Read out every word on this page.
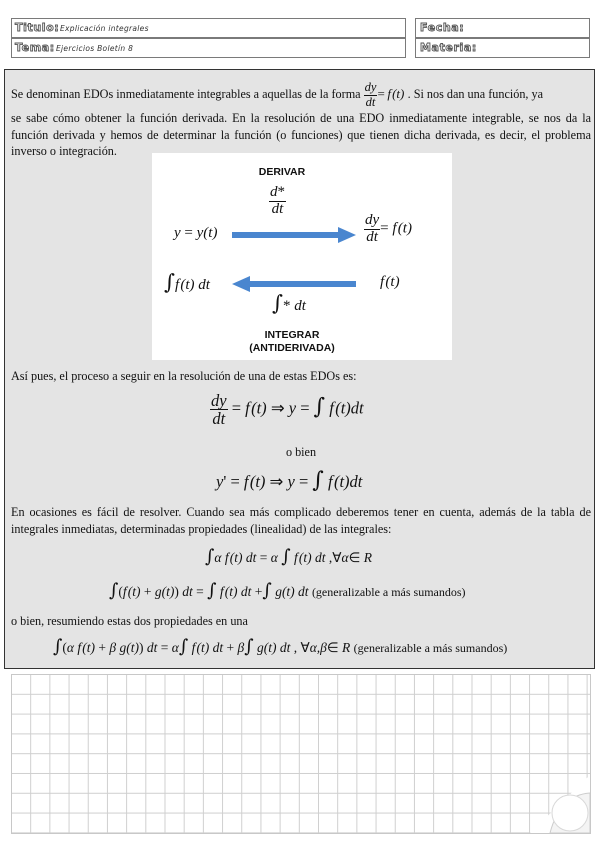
Titulo: Explicación integrales
Tema: Ejercicios Boletín 8
Fecha:
Materia:
Se denominan EDOs inmediatamente integrables a aquellas de la forma $\frac{dy}{dt} = f$ (t) . Si nos dan una función, ya
se sabe cómo obtener la función derivada. En la resolución de una EDO inmediatamente integrable, se nos da la función derivada y hemos de determinar la función (o funciones) que tienen dicha derivada, es decir, el problema inverso o integración.
DERIVAR
$\frac{d*}{dt}$
y = y(t)	$\frac{dy}{dt} = f$ (t)
∫f (t) dt	f (t)
∫* dt
INTEGRAR
(ANTIDERIVADA)
Así pues, el proceso a seguir en la resolución de una de estas EDOs es:
$\frac{dy}{dt} = f$ (t) ⇒ y = ∫ f (t)dt
o bien
y' = f (t) ⇒ y = ∫ f (t)dt
En ocasiones es fácil de resolver. Cuando sea más complicado deberemos tener en cuenta, además de la tabla de integrales inmediatas, determinadas propiedades (linealidad) de las integrales:
∫α f (t) dt = α ∫ f (t) dt ,∀α∈ R
∫(f (t) + g(t)) dt = ∫ f (t) dt +∫ g(t) dt (generalizable a más sumandos)
o bien, resumiendo estas dos propiedades en una
∫(α f (t) + β g(t)) dt = α∫ f (t) dt + β∫ g(t) dt , ∀α,β∈ R (generalizable a más sumandos)
